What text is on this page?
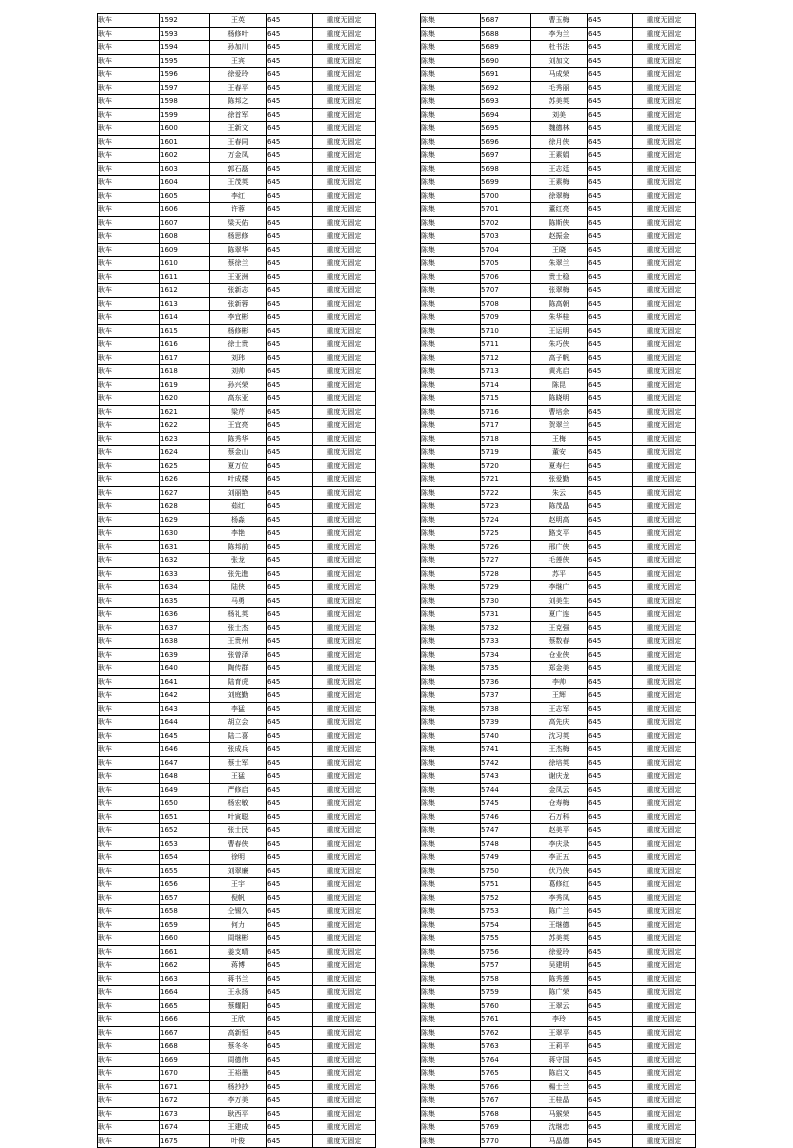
耿车	1592	王英	645	重度无固定
耿车	1593	杨修叶	645	重度无固定
耿车	1594	孙加川	645	重度无固定
耿车	1595	王宾	645	重度无固定
耿车	1596	徐爱玲	645	重度无固定
耿车	1597	王春平	645	重度无固定
耿车	1598	陈邦之	645	重度无固定
耿车	1599	徐首军	645	重度无固定
耿车	1600	王新文	645	重度无固定
耿车	1601	王春同	645	重度无固定
耿车	1602	万金凤	645	重度无固定
耿车	1603	郭石磊	645	重度无固定
耿车	1604	王茂英	645	重度无固定
耿车	1605	李红	645	重度无固定
耿车	1606	许蓉	645	重度无固定
耿车	1607	梁天佑	645	重度无固定
耿车	1608	杨思修	645	重度无固定
耿车	1609	陈翠华	645	重度无固定
耿车	1610	蔡徐兰	645	重度无固定
耿车	1611	王亚洲	645	重度无固定
耿车	1612	张新志	645	重度无固定
耿车	1613	张新蓉	645	重度无固定
耿车	1614	李宜彬	645	重度无固定
耿车	1615	杨修彬	645	重度无固定
耿车	1616	徐士贵	645	重度无固定
耿车	1617	刘玮	645	重度无固定
耿车	1618	刘帅	645	重度无固定
耿车	1619	孙兴荣	645	重度无固定
耿车	1620	高东亚	645	重度无固定
耿车	1621	梁芹	645	重度无固定
耿车	1622	王宜亮	645	重度无固定
耿车	1623	陈秀华	645	重度无固定
耿车	1624	蔡金山	645	重度无固定
耿车	1625	夏万位	645	重度无固定
耿车	1626	叶成楼	645	重度无固定
耿车	1627	刘丽艳	645	重度无固定
耿车	1628	茹红	645	重度无固定
耿车	1629	杨淼	645	重度无固定
耿车	1630	李艳	645	重度无固定
耿车	1631	陈邦前	645	重度无固定
耿车	1632	张龙	645	重度无固定
耿车	1633	张先進	645	重度无固定
耿车	1634	陆侠	645	重度无固定
耿车	1635	马勇	645	重度无固定
耿车	1636	杨礼英	645	重度无固定
耿车	1637	张士杰	645	重度无固定
耿车	1638	王贵州	645	重度无固定
耿车	1639	张曾泽	645	重度无固定
耿车	1640	陶传群	645	重度无固定
耿车	1641	陆育虎	645	重度无固定
耿车	1642	刘庭勤	645	重度无固定
耿车	1643	李猛	645	重度无固定
耿车	1644	胡立会	645	重度无固定
耿车	1645	陆二喜	645	重度无固定
耿车	1646	张成兵	645	重度无固定
耿车	1647	蔡士军	645	重度无固定
耿车	1648	王猛	645	重度无固定
耿车	1649	严修启	645	重度无固定
耿车	1650	杨宏敏	645	重度无固定
耿车	1651	叶寅聪	645	重度无固定
耿车	1652	张士民	645	重度无固定
耿车	1653	曹春侠	645	重度无固定
耿车	1654	徐明	645	重度无固定
耿车	1655	刘翠廉	645	重度无固定
耿车	1656	王宇	645	重度无固定
耿车	1657	倪帆	645	重度无固定
耿车	1658	仝锡久	645	重度无固定
耿车	1659	何力	645	重度无固定
耿车	1660	周继彬	645	重度无固定
耿车	1661	姜支晴	645	重度无固定
耿车	1662	蒋博	645	重度无固定
耿车	1663	蒋书兰	645	重度无固定
耿车	1664	王永扬	645	重度无固定
耿车	1665	蔡耀阳	645	重度无固定
耿车	1666	王欣	645	重度无固定
耿车	1667	高新恒	645	重度无固定
耿车	1668	蔡冬冬	645	重度无固定
耿车	1669	周德伟	645	重度无固定
耿车	1670	王裕墨	645	重度无固定
耿车	1671	杨抄抄	645	重度无固定
耿车	1672	李万美	645	重度无固定
耿车	1673	耿西平	645	重度无固定
耿车	1674	王建成	645	重度无固定
耿车	1675	叶俊	645	重度无固定
陈集	5687	曹玉梅	645	重度无固定
陈集	5688	李为兰	645	重度无固定
陈集	5689	杜书法	645	重度无固定
陈集	5690	刘加文	645	重度无固定
陈集	5691	马成荣	645	重度无固定
陈集	5692	毛秀丽	645	重度无固定
陈集	5693	苏美英	645	重度无固定
陈集	5694	刘美	645	重度无固定
陈集	5695	魏德林	645	重度无固定
陈集	5696	徐月侠	645	重度无固定
陈集	5697	王素娟	645	重度无固定
陈集	5698	王志廷	645	重度无固定
陈集	5699	王素梅	645	重度无固定
陈集	5700	徐翠梅	645	重度无固定
陈集	5701	董红亮	645	重度无固定
陈集	5702	陈斯侠	645	重度无固定
陈集	5703	赵振金	645	重度无固定
陈集	5704	王晓	645	重度无固定
陈集	5705	朱翠兰	645	重度无固定
陈集	5706	贵士稳	645	重度无固定
陈集	5707	张翠梅	645	重度无固定
陈集	5708	陈高朝	645	重度无固定
陈集	5709	朱华桂	645	重度无固定
陈集	5710	王运明	645	重度无固定
陈集	5711	朱巧侠	645	重度无固定
陈集	5712	高子帆	645	重度无固定
陈集	5713	黄兆启	645	重度无固定
陈集	5714	陈昆	645	重度无固定
陈集	5715	陈晓明	645	重度无固定
陈集	5716	曹培余	645	重度无固定
陈集	5717	贺翠兰	645	重度无固定
陈集	5718	王梅	645	重度无固定
陈集	5719	董安	645	重度无固定
陈集	5720	夏寿仨	645	重度无固定
陈集	5721	张爱勤	645	重度无固定
陈集	5722	朱云	645	重度无固定
陈集	5723	陈茂晶	645	重度无固定
陈集	5724	赵明高	645	重度无固定
陈集	5725	路支平	645	重度无固定
陈集	5726	邢广侠	645	重度无固定
陈集	5727	毛莲侠	645	重度无固定
陈集	5728	苏平	645	重度无固定
陈集	5729	李继广	645	重度无固定
陈集	5730	刘美生	645	重度无固定
陈集	5731	夏广连	645	重度无固定
陈集	5732	王克强	645	重度无固定
陈集	5733	蔡数春	645	重度无固定
陈集	5734	仓业侠	645	重度无固定
陈集	5735	郑金美	645	重度无固定
陈集	5736	李帅	645	重度无固定
陈集	5737	王辉	645	重度无固定
陈集	5738	王志军	645	重度无固定
陈集	5739	高先庆	645	重度无固定
陈集	5740	沈习英	645	重度无固定
陈集	5741	王杰梅	645	重度无固定
陈集	5742	徐培英	645	重度无固定
陈集	5743	谢庆龙	645	重度无固定
陈集	5744	金凤云	645	重度无固定
陈集	5745	仓寿梅	645	重度无固定
陈集	5746	石万科	645	重度无固定
陈集	5747	赵美平	645	重度无固定
陈集	5748	李庆录	645	重度无固定
陈集	5749	李正五	645	重度无固定
陈集	5750	伏乃侠	645	重度无固定
陈集	5751	葛修红	645	重度无固定
陈集	5752	李秀凤	645	重度无固定
陈集	5753	陈广兰	645	重度无固定
陈集	5754	王继德	645	重度无固定
陈集	5755	苏美英	645	重度无固定
陈集	5756	徐爱玲	645	重度无固定
陈集	5757	吴建明	645	重度无固定
陈集	5758	陈秀莲	645	重度无固定
陈集	5759	陈广荣	645	重度无固定
陈集	5760	王翠云	645	重度无固定
陈集	5761	李玲	645	重度无固定
陈集	5762	王翠平	645	重度无固定
陈集	5763	王莉平	645	重度无固定
陈集	5764	蒋守国	645	重度无固定
陈集	5765	陈启文	645	重度无固定
陈集	5766	楊士兰	645	重度无固定
陈集	5767	王桂晶	645	重度无固定
陈集	5768	马猴荣	645	重度无固定
陈集	5769	沈继忠	645	重度无固定
陈集	5770	马晶德	645	重度无固定
